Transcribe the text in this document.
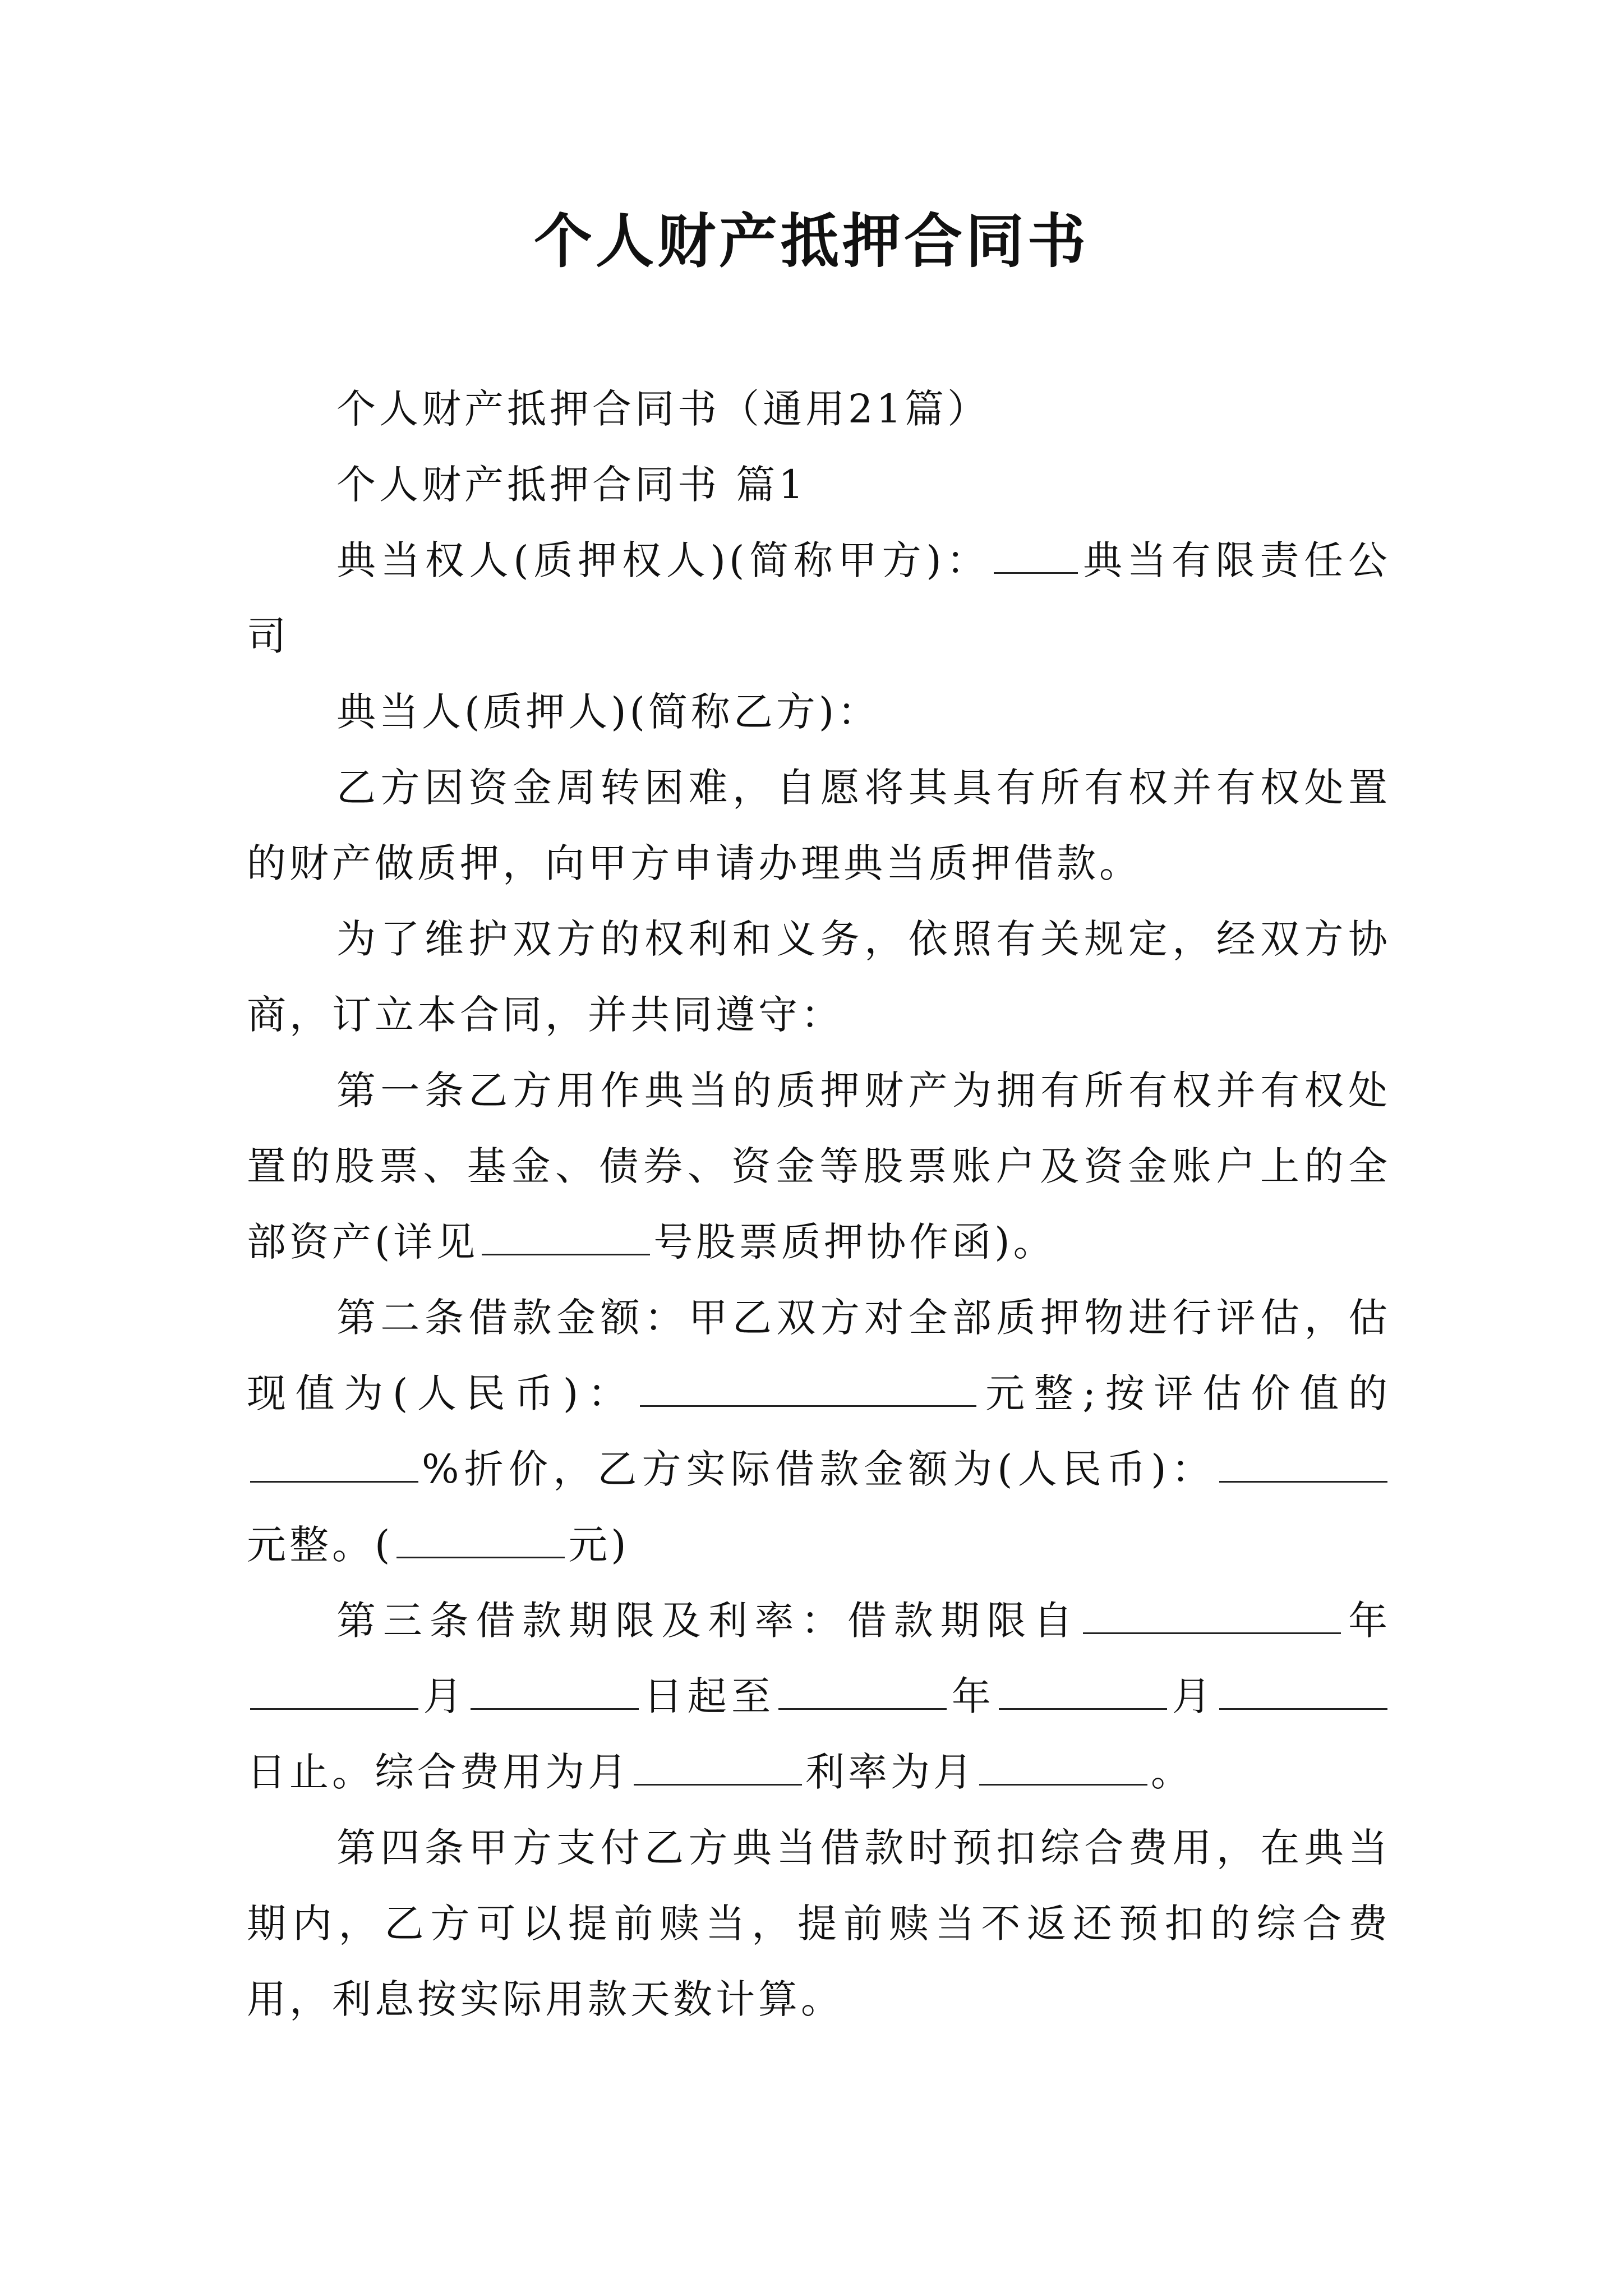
个人财产抵押合同书

个人财产抵押合同书（通用21篇）

个人财产抵押合同书 篇1

典当权人(质押权人)(简称甲方)： 典当有限责任公司

典当人(质押人)(简称乙方)：

乙方因资金周转困难，自愿将其具有所有权并有权处置的财产做质押，向甲方申请办理典当质押借款。

为了维护双方的权利和义务，依照有关规定，经双方协商，订立本合同，并共同遵守：

第一条乙方用作典当的质押财产为拥有所有权并有权处置的股票、基金、债券、资金等股票账户及资金账户上的全部资产(详见	号股票质押协作函)。

第二条借款金额：甲乙双方对全部质押物进行评估，估现值为(人民币)：	元整;按评估价值的%折价，乙方实际借款金额为(人民币)：元整。(	元)

第三条借款期限及利率：借款期限自	年月	日起至	年	月日止。综合费用为月	利率为月	。

第四条甲方支付乙方典当借款时预扣综合费用，在典当期内，乙方可以提前赎当，提前赎当不返还预扣的综合费用，利息按实际用款天数计算。
